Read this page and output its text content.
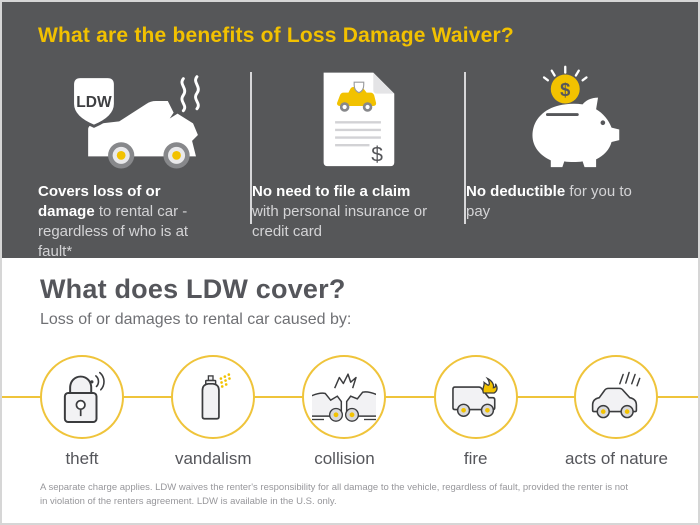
What are the benefits of Loss Damage Waiver?
LDW

Covers loss of or damage to rental car - regardless of who is at fault*

$

No need to file a claim with personal insurance or credit card

$

No deductible for you to pay

What does LDW cover?

Loss of or damages to rental car caused by:

theft	vandalism	collision	fire	acts of nature

A separate charge applies. LDW waives the renter's responsibility for all damage to the vehicle, regardless of fault, provided the renter is not in violation of the renters agreement. LDW is available in the U.S. only.
